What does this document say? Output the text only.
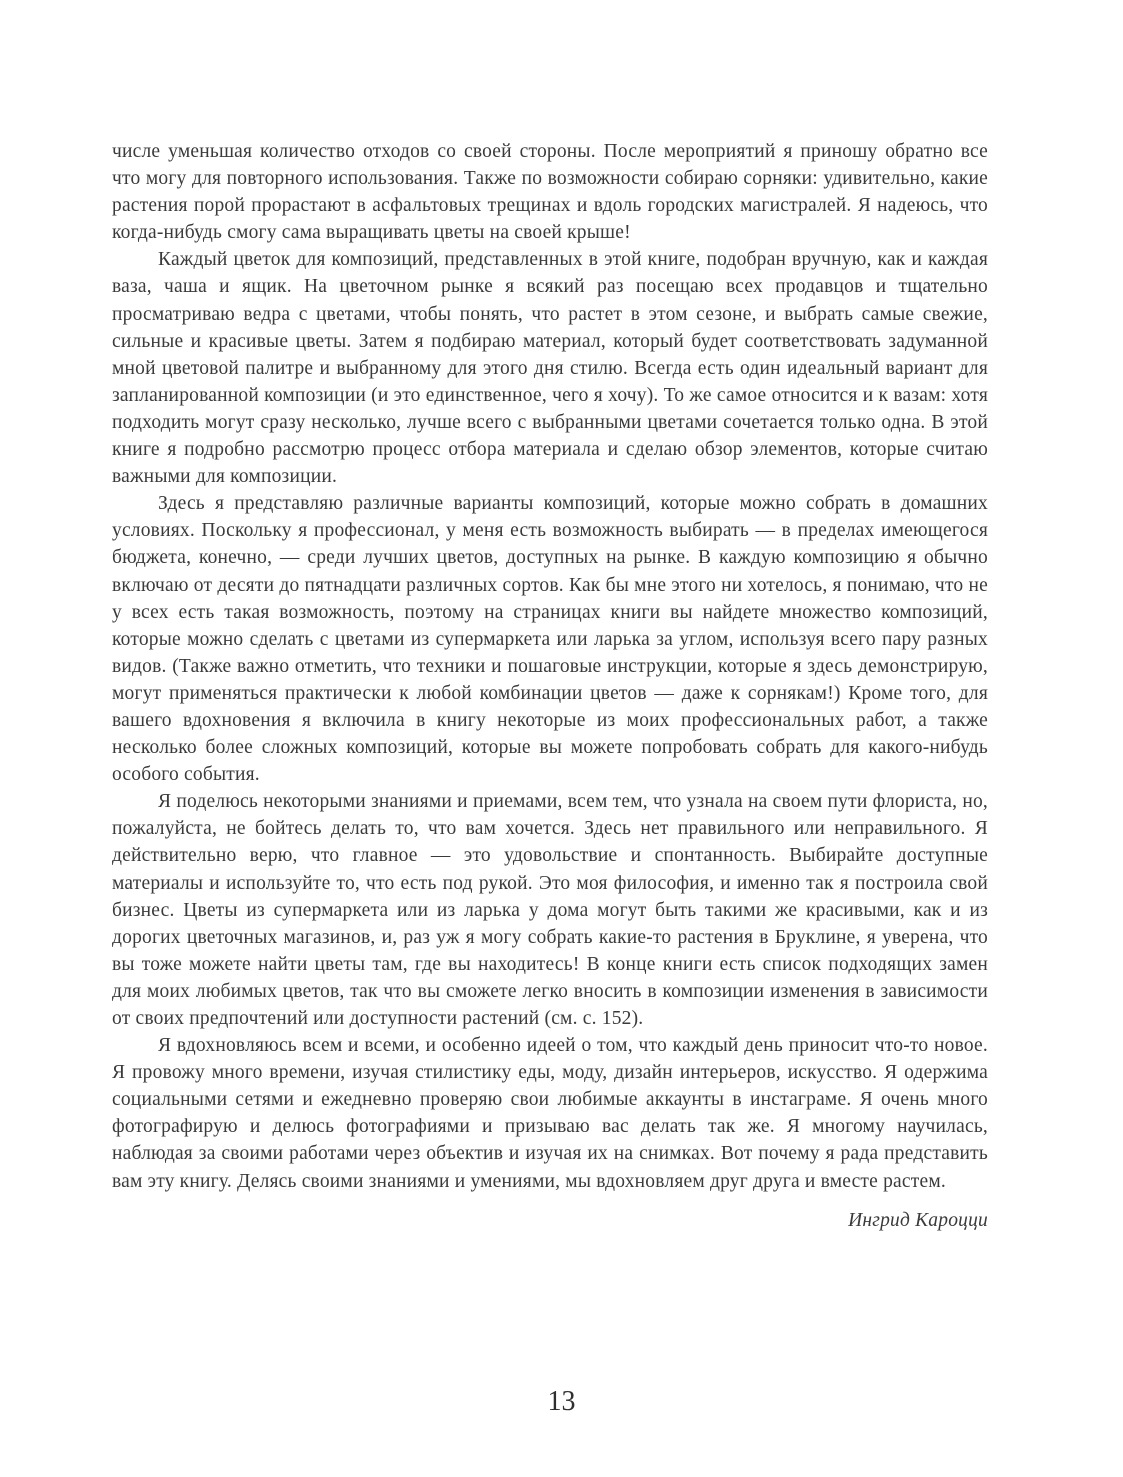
числе уменьшая количество отходов со своей стороны. После мероприятий я приношу обратно все что могу для повторного использования. Также по возможности собираю сорняки: удивительно, какие растения порой прорастают в асфальтовых трещинах и вдоль городских магистралей. Я надеюсь, что когда-нибудь смогу сама выращивать цветы на своей крыше!

Каждый цветок для композиций, представленных в этой книге, подобран вручную, как и каждая ваза, чаша и ящик. На цветочном рынке я всякий раз посещаю всех продавцов и тщательно просматриваю ведра с цветами, чтобы понять, что растет в этом сезоне, и выбрать самые свежие, сильные и красивые цветы. Затем я подбираю материал, который будет соответствовать задуманной мной цветовой палитре и выбранному для этого дня стилю. Всегда есть один идеальный вариант для запланированной композиции (и это единственное, чего я хочу). То же самое относится и к вазам: хотя подходить могут сразу несколько, лучше всего с выбранными цветами сочетается только одна. В этой книге я подробно рассмотрю процесс отбора материала и сделаю обзор элементов, которые считаю важными для композиции.

Здесь я представляю различные варианты композиций, которые можно собрать в домашних условиях. Поскольку я профессионал, у меня есть возможность выбирать — в пределах имеющегося бюджета, конечно, — среди лучших цветов, доступных на рынке. В каждую композицию я обычно включаю от десяти до пятнадцати различных сортов. Как бы мне этого ни хотелось, я понимаю, что не у всех есть такая возможность, поэтому на страницах книги вы найдете множество композиций, которые можно сделать с цветами из супермаркета или ларька за углом, используя всего пару разных видов. (Также важно отметить, что техники и пошаговые инструкции, которые я здесь демонстрирую, могут применяться практически к любой комбинации цветов — даже к сорнякам!) Кроме того, для вашего вдохновения я включила в книгу некоторые из моих профессиональных работ, а также несколько более сложных композиций, которые вы можете попробовать собрать для какого-нибудь особого события.

Я поделюсь некоторыми знаниями и приемами, всем тем, что узнала на своем пути флориста, но, пожалуйста, не бойтесь делать то, что вам хочется. Здесь нет правильного или неправильного. Я действительно верю, что главное — это удовольствие и спонтанность. Выбирайте доступные материалы и используйте то, что есть под рукой. Это моя философия, и именно так я построила свой бизнес. Цветы из супермаркета или из ларька у дома могут быть такими же красивыми, как и из дорогих цветочных магазинов, и, раз уж я могу собрать какие-то растения в Бруклине, я уверена, что вы тоже можете найти цветы там, где вы находитесь! В конце книги есть список подходящих замен для моих любимых цветов, так что вы сможете легко вносить в композиции изменения в зависимости от своих предпочтений или доступности растений (см. с. 152).

Я вдохновляюсь всем и всеми, и особенно идеей о том, что каждый день приносит что-то новое. Я провожу много времени, изучая стилистику еды, моду, дизайн интерьеров, искусство. Я одержима социальными сетями и ежедневно проверяю свои любимые аккаунты в инстаграме. Я очень много фотографирую и делюсь фотографиями и призываю вас делать так же. Я многому научилась, наблюдая за своими работами через объектив и изучая их на снимках. Вот почему я рада представить вам эту книгу. Делясь своими знаниями и умениями, мы вдохновляем друг друга и вместе растем.

Ингрид Кароцци

13
